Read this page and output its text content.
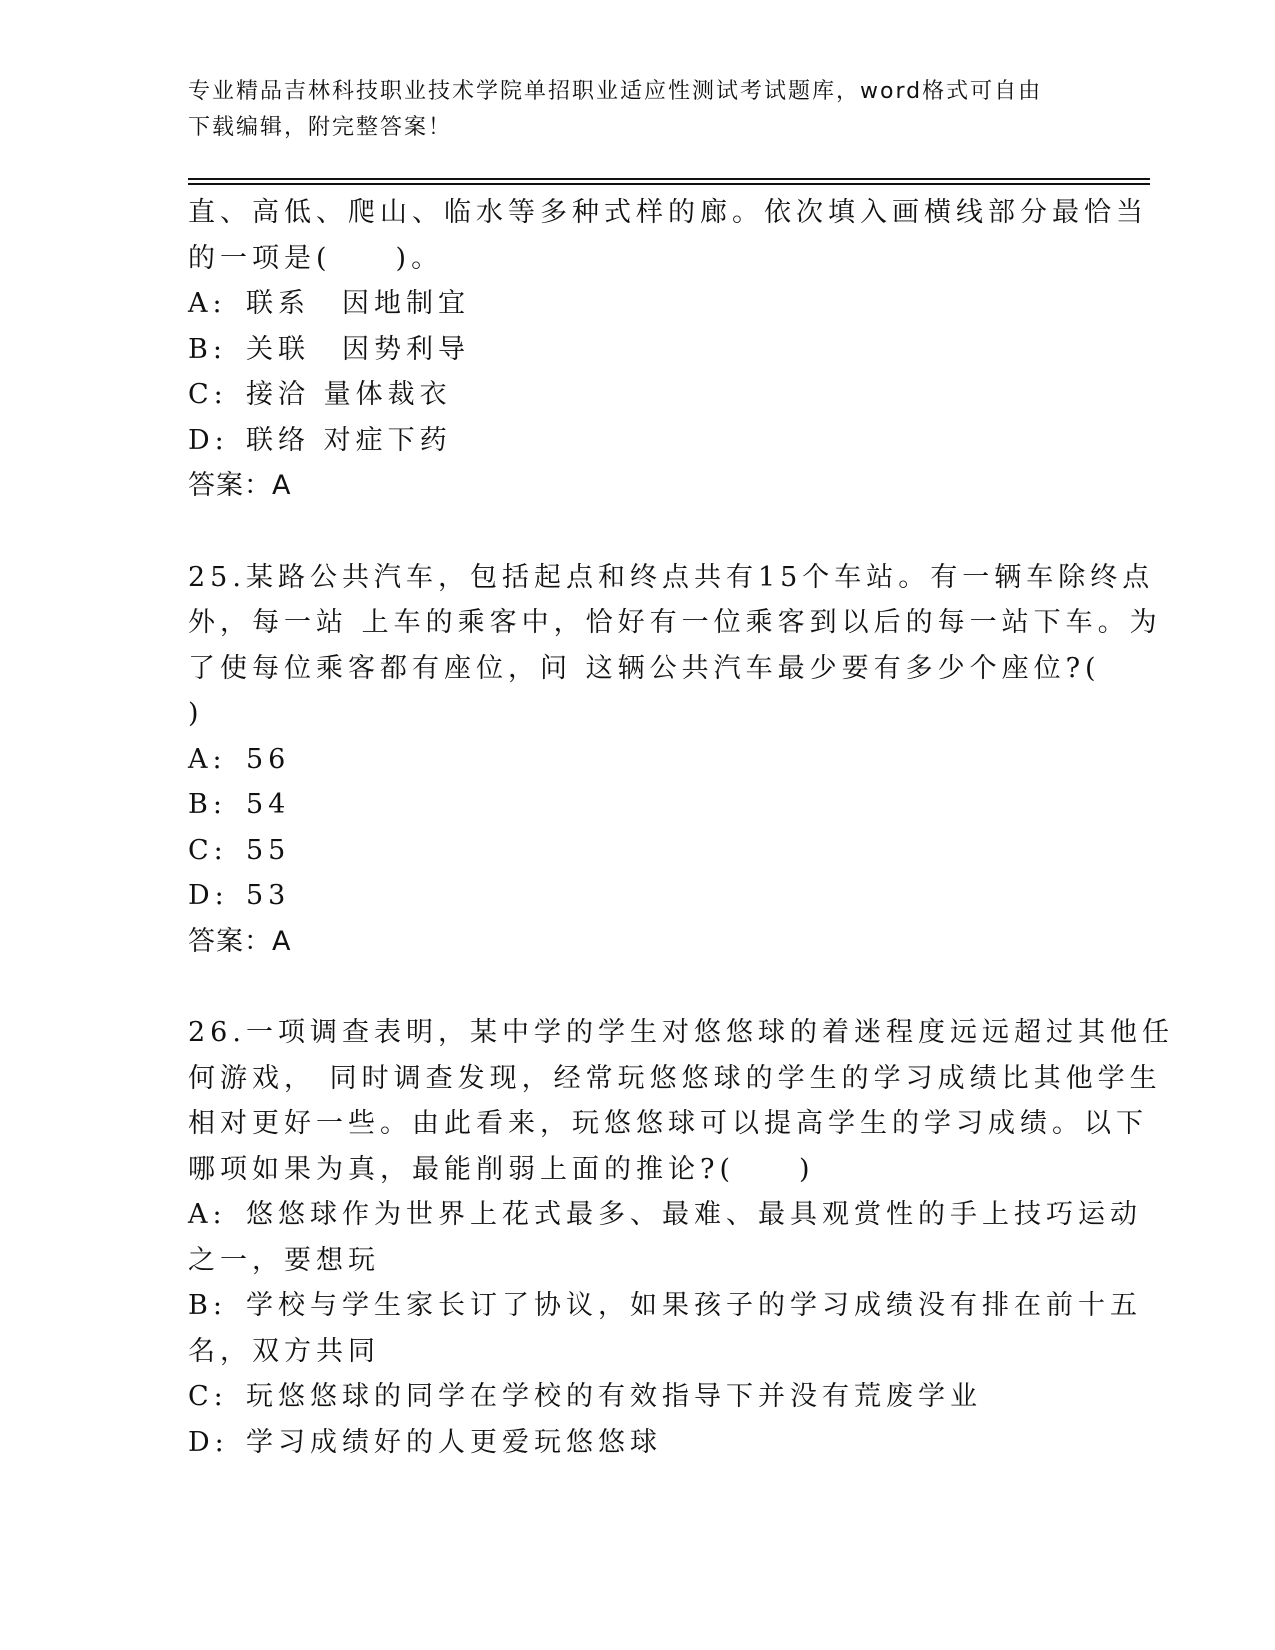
专业精品吉林科技职业技术学院单招职业适应性测试考试题库，word格式可自由
下载编辑，附完整答案！
直、高低、爬山、临水等多种式样的廊。依次填入画横线部分最恰当
的一项是(　　)。
A: 联系　因地制宜
B: 关联　因势利导
C: 接洽 量体裁衣
D: 联络 对症下药
答案：A
25.某路公共汽车，包括起点和终点共有15个车站。有一辆车除终点
外，每一站 上车的乘客中，恰好有一位乘客到以后的每一站下车。为
了使每位乘客都有座位，问 这辆公共汽车最少要有多少个座位?(
)
A: 56
B: 54
C: 55
D: 53
答案：A
26.一项调查表明，某中学的学生对悠悠球的着迷程度远远超过其他任
何游戏， 同时调查发现，经常玩悠悠球的学生的学习成绩比其他学生
相对更好一些。由此看来，玩悠悠球可以提高学生的学习成绩。以下
哪项如果为真，最能削弱上面的推论?(　　)
A: 悠悠球作为世界上花式最多、最难、最具观赏性的手上技巧运动
之一，要想玩
B: 学校与学生家长订了协议，如果孩子的学习成绩没有排在前十五
名，双方共同
C: 玩悠悠球的同学在学校的有效指导下并没有荒废学业
D: 学习成绩好的人更爱玩悠悠球
